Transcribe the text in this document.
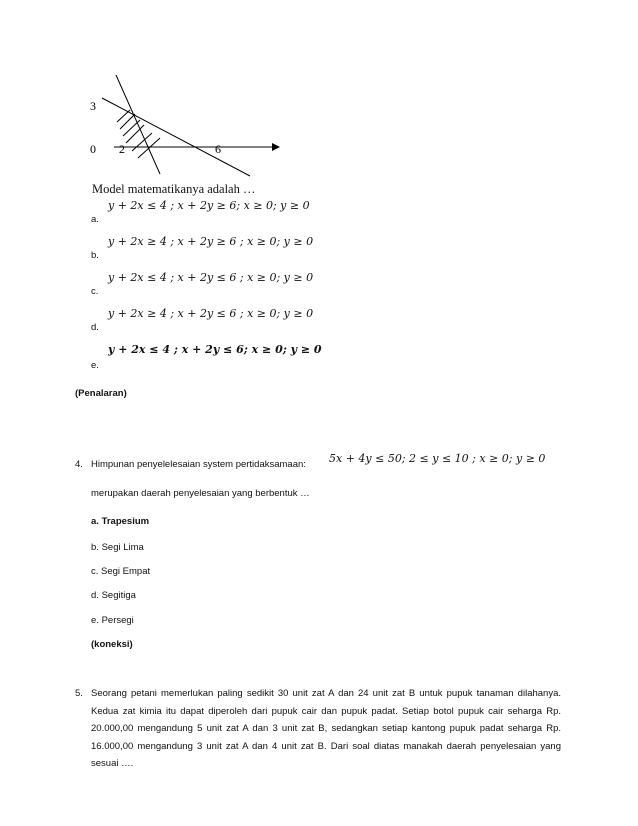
3
0 2	6
Model matematikanya adalah …
y + 2x ≤ 4 ; x + 2y ≥ 6; x ≥ 0; y ≥ 0
a.
y + 2x ≥ 4 ; x + 2y ≥ 6 ; x ≥ 0; y ≥ 0
b.
y + 2x ≤ 4 ; x + 2y ≤ 6 ; x ≥ 0; y ≥ 0
c.
y + 2x ≥ 4 ; x + 2y ≤ 6 ; x ≥ 0; y ≥ 0
d.
y + 2x ≤ 4 ; x + 2y ≤ 6; x ≥ 0; y ≥ 0
e.
(Penalaran)
4. Himpunan penyelelesaian system pertidaksamaan: 5x + 4y ≤ 50; 2 ≤ y ≤ 10 ; x ≥ 0; y ≥ 0
merupakan daerah penyelesaian yang berbentuk …
a. Trapesium
b. Segi Lima
c. Segi Empat
d. Segitiga
e. Persegi
(koneksi)
5. Seorang petani memerlukan paling sedikit 30 unit zat A dan 24 unit zat B untuk pupuk tanaman dilahanya. Kedua zat kimia itu dapat diperoleh dari pupuk cair dan pupuk padat. Setiap botol pupuk cair seharga Rp. 20.000,00 mengandung 5 unit zat A dan 3 unit zat B, sedangkan setiap kantong pupuk padat seharga Rp. 16.000,00 mengandung 3 unit zat A dan 4 unit zat B. Dari soal diatas manakah daerah penyelesaian yang sesuai ….
